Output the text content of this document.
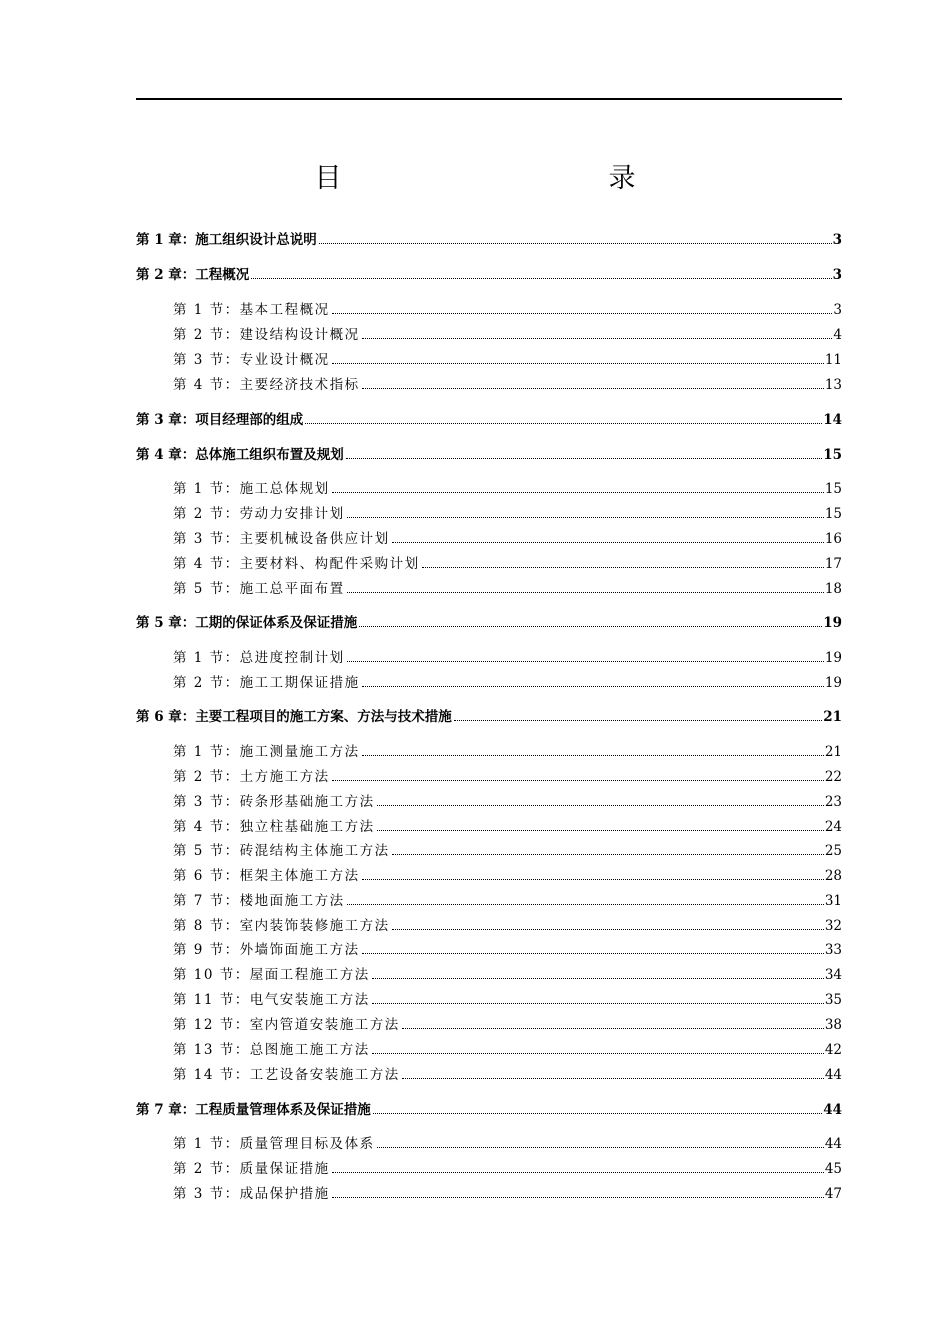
目　录
第 1 章：施工组织设计总说明	3
第 2 章：工程概况	3
第 1 节：基本工程概况	3
第 2 节：建设结构设计概况	4
第 3 节：专业设计概况	11
第 4 节：主要经济技术指标	13
第 3 章：项目经理部的组成	14
第 4 章：总体施工组织布置及规划	15
第 1 节：施工总体规划	15
第 2 节：劳动力安排计划	15
第 3 节：主要机械设备供应计划	16
第 4 节：主要材料、构配件采购计划	17
第 5 节：施工总平面布置	18
第 5 章：工期的保证体系及保证措施	19
第 1 节：总进度控制计划	19
第 2 节：施工工期保证措施	19
第 6 章：主要工程项目的施工方案、方法与技术措施	21
第 1 节：施工测量施工方法	21
第 2 节：土方施工方法	22
第 3 节：砖条形基础施工方法	23
第 4 节：独立柱基础施工方法	24
第 5 节：砖混结构主体施工方法	25
第 6 节：框架主体施工方法	28
第 7 节：楼地面施工方法	31
第 8 节：室内装饰装修施工方法	32
第 9 节：外墙饰面施工方法	33
第 10 节：屋面工程施工方法	34
第 11 节：电气安装施工方法	35
第 12 节：室内管道安装施工方法	38
第 13 节：总图施工施工方法	42
第 14 节：工艺设备安装施工方法	44
第 7 章：工程质量管理体系及保证措施	44
第 1 节：质量管理目标及体系	44
第 2 节：质量保证措施	45
第 3 节：成品保护措施	47
